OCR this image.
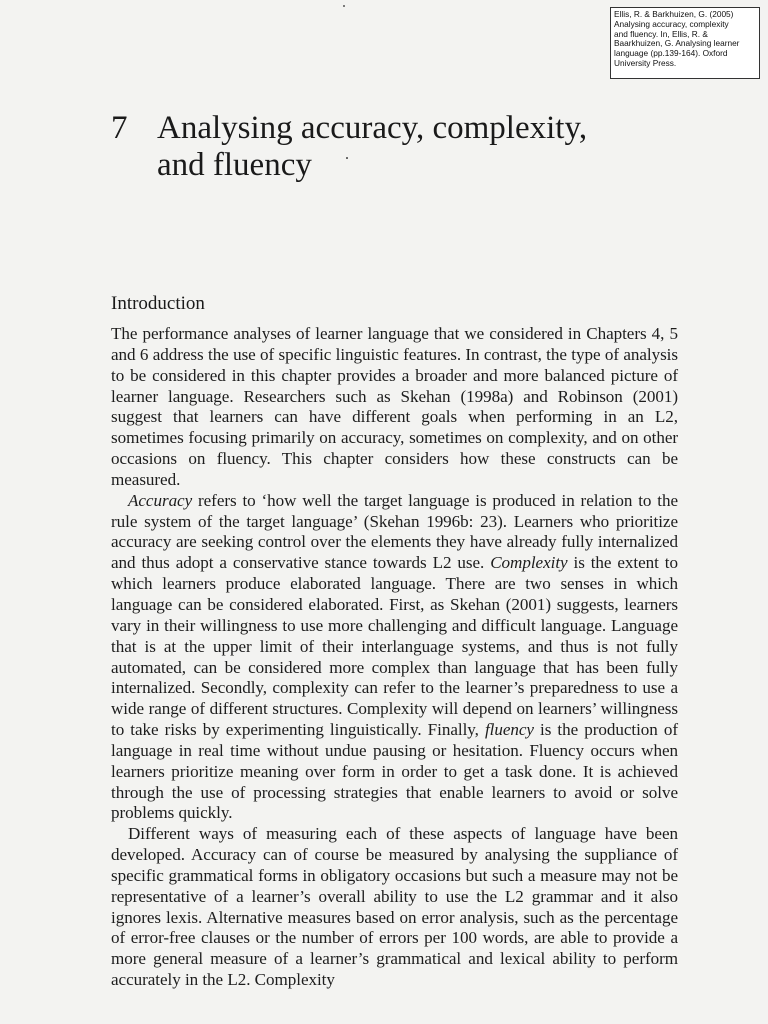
Ellis, R. & Barkhuizen, G. (2005)
Analysing accuracy, complexity
and fluency. In, Ellis, R. &
Baarkhuizen, G. Analysing learner
language (pp.139-164). Oxford
University Press.
7 Analysing accuracy, complexity,
and fluency
Introduction

The performance analyses of learner language that we considered in Chapters 4, 5 and 6 address the use of specific linguistic features. In contrast, the type of analysis to be considered in this chapter provides a broader and more balanced picture of learner language. Researchers such as Skehan (1998a) and Robinson (2001) suggest that learners can have different goals when performing in an L2, sometimes focusing primarily on accuracy, sometimes on complexity, and on other occasions on fluency. This chapter considers how these constructs can be measured.

Accuracy refers to ‘how well the target language is produced in relation to the rule system of the target language’ (Skehan 1996b: 23). Learners who prioritize accuracy are seeking control over the elements they have already fully internalized and thus adopt a conservative stance towards L2 use. Complexity is the extent to which learners produce elaborated language. There are two senses in which language can be considered elaborated. First, as Skehan (2001) suggests, learners vary in their willingness to use more challenging and difficult language. Language that is at the upper limit of their interlanguage systems, and thus is not fully automated, can be considered more complex than language that has been fully internalized. Secondly, complexity can refer to the learner’s preparedness to use a wide range of different structures. Complexity will depend on learners’ willingness to take risks by experimenting linguistically. Finally, fluency is the production of language in real time without undue pausing or hesitation. Fluency occurs when learners prioritize meaning over form in order to get a task done. It is achieved through the use of processing strategies that enable learners to avoid or solve problems quickly.

Different ways of measuring each of these aspects of language have been developed. Accuracy can of course be measured by analysing the suppliance of specific grammatical forms in obligatory occasions but such a measure may not be representative of a learner’s overall ability to use the L2 grammar and it also ignores lexis. Alternative measures based on error analysis, such as the percentage of error-free clauses or the number of errors per 100 words, are able to provide a more general measure of a learner’s grammatical and lexical ability to perform accurately in the L2. Complexity
